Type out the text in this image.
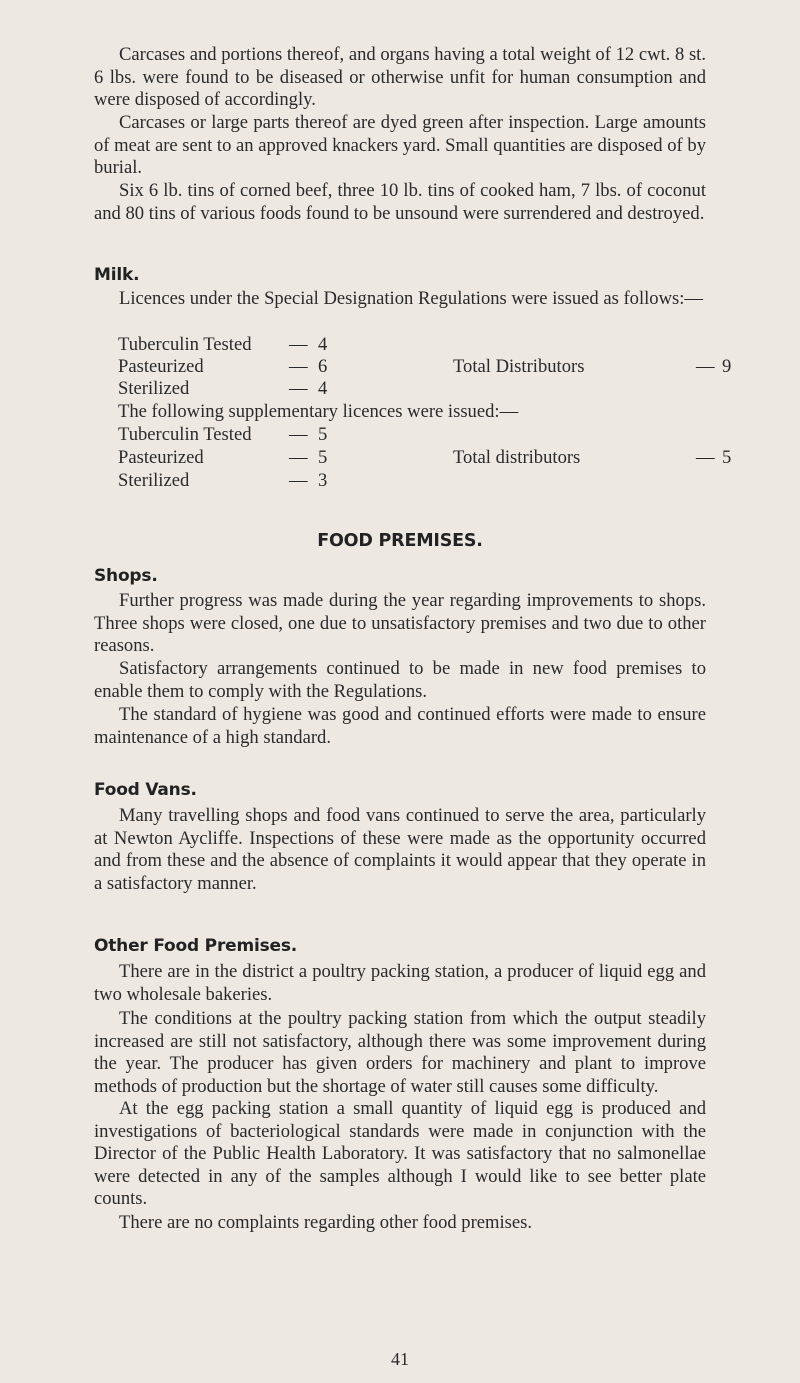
Carcases and portions thereof, and organs having a total weight of 12 cwt. 8 st. 6 lbs. were found to be diseased or otherwise unfit for human consumption and were disposed of accordingly.

Carcases or large parts thereof are dyed green after inspection. Large amounts of meat are sent to an approved knackers yard. Small quantities are disposed of by burial.

Six 6 lb. tins of corned beef, three 10 lb. tins of cooked ham, 7 lbs. of coconut and 80 tins of various foods found to be unsound were surrendered and destroyed.

Milk.

Licences under the Special Designation Regulations were issued as follows:—

Tuberculin Tested — 4
Pasteurized	— 6	Total Distributors	— 9
Sterilized	— 4
The following supplementary licences were issued:—
Tuberculin Tested — 5
Pasteurized	— 5	Total distributors	— 5
Sterilized	— 3
FOOD PREMISES.
Shops.

Further progress was made during the year regarding improvements to shops. Three shops were closed, one due to unsatisfactory premises and two due to other reasons.

Satisfactory arrangements continued to be made in new food premises to enable them to comply with the Regulations.

The standard of hygiene was good and continued efforts were made to ensure maintenance of a high standard.

Food Vans.

Many travelling shops and food vans continued to serve the area, particularly at Newton Aycliffe. Inspections of these were made as the opportunity occurred and from these and the absence of complaints it would appear that they operate in a satisfactory manner.

Other Food Premises.

There are in the district a poultry packing station, a producer of liquid egg and two wholesale bakeries.

The conditions at the poultry packing station from which the output steadily increased are still not satisfactory, although there was some improvement during the year. The producer has given orders for machinery and plant to improve methods of production but the shortage of water still causes some difficulty.

At the egg packing station a small quantity of liquid egg is produced and investigations of bacteriological standards were made in conjunction with the Director of the Public Health Laboratory. It was satisfactory that no salmonellae were detected in any of the samples although I would like to see better plate counts.

There are no complaints regarding other food premises.

41
